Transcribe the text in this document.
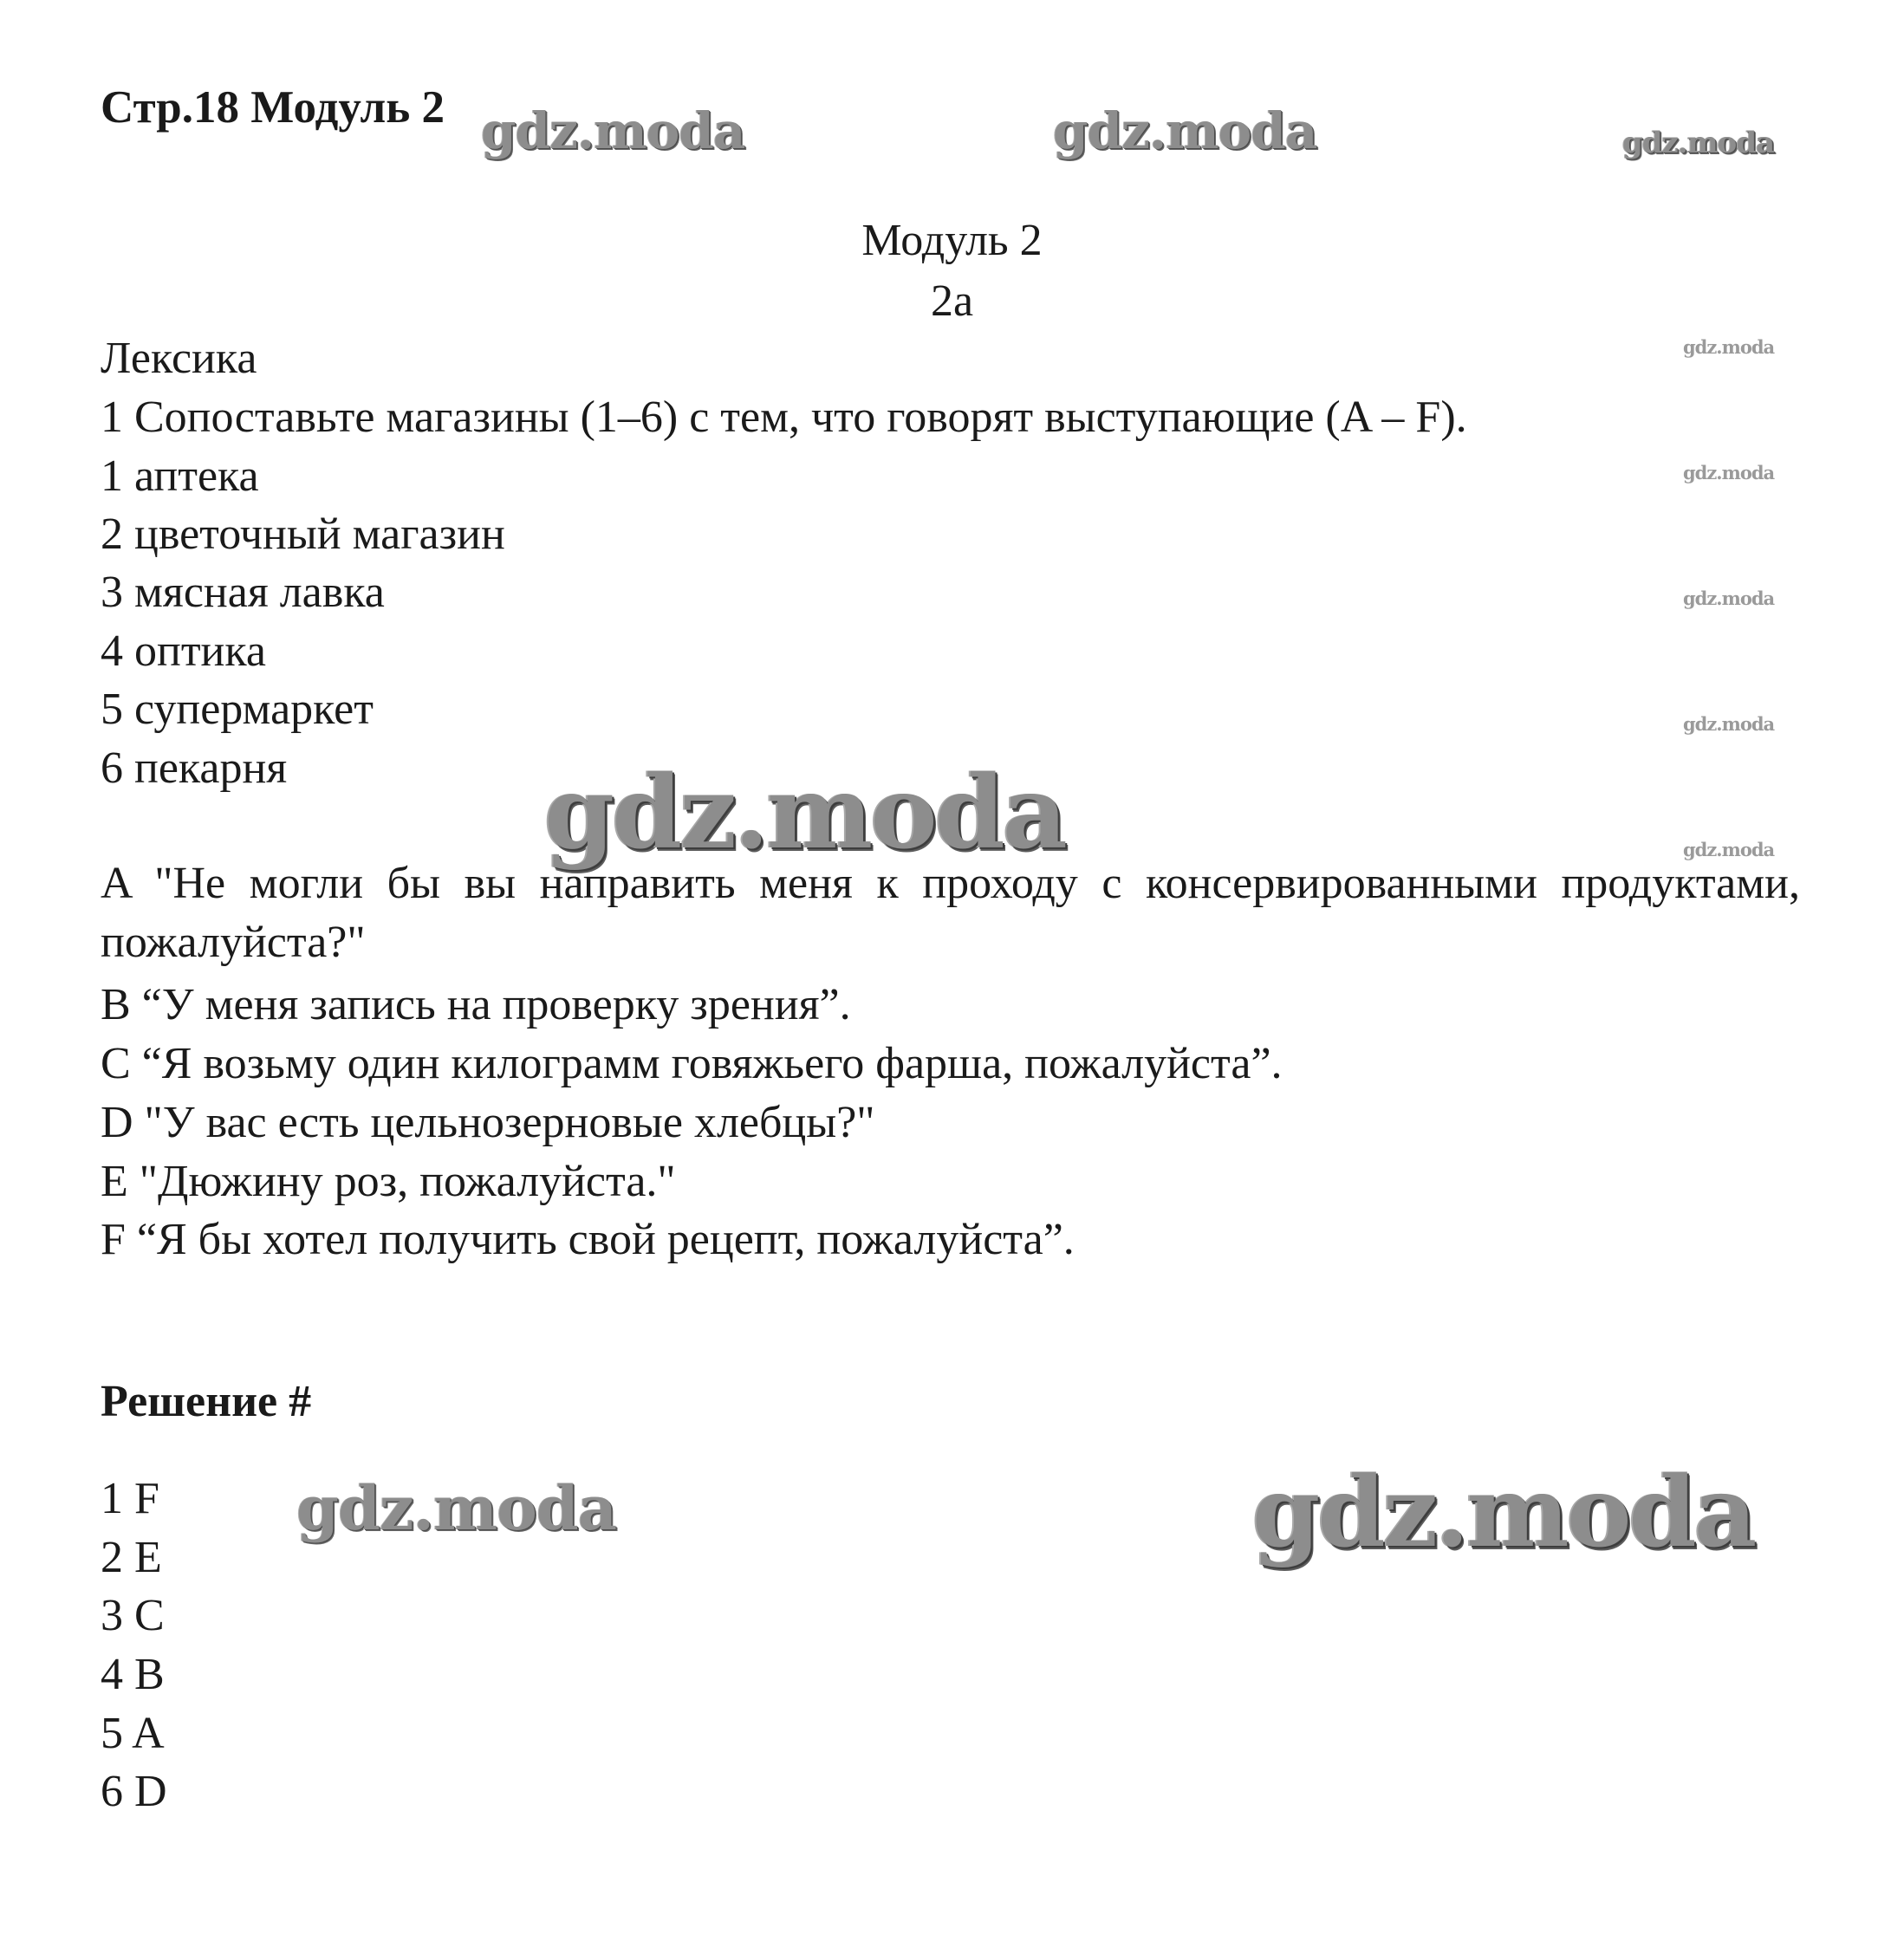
Стр.18 Модуль 2 gdz.moda	gdz.moda	gdz.moda
gdz.moda
gdz.moda
gdz.moda
gdz.moda
gdz.moda
gdz.moda
gdz.moda	gdz.moda
Модуль 2
2a
Лексика
1 Сопоставьте магазины (1–6) с тем, что говорят выступающие (A – F).
1 аптека
2 цветочный магазин
3 мясная лавка
4 оптика
5 супермаркет
6 пекарня
A "Не могли бы вы направить меня к проходу с консервированными продуктами, пожалуйста?"
B “У меня запись на проверку зрения”.
C “Я возьму один килограмм говяжьего фарша, пожалуйста”.
D "У вас есть цельнозерновые хлебцы?"
E "Дюжину роз, пожалуйста."
F “Я бы хотел получить свой рецепт, пожалуйста”.
Решение #
1 F
2 E
3 C
4 B
5 A
6 D
